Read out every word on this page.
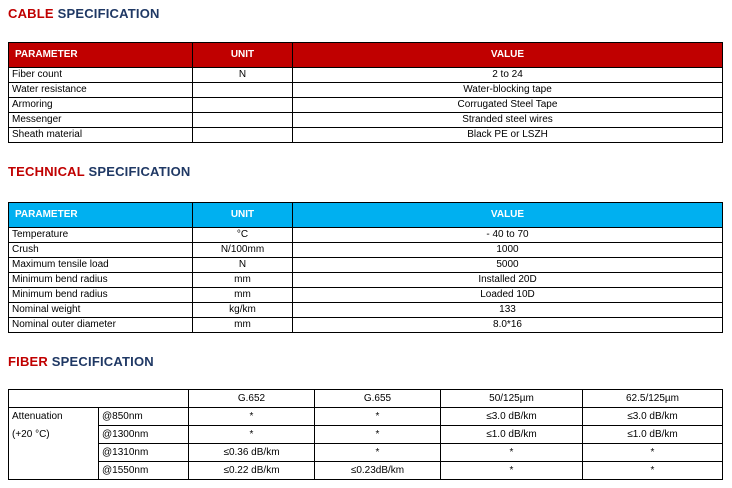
CABLE SPECIFICATION
PARAMETER	UNIT	VALUE
Fiber count	N	2 to 24
Water resistance		Water-blocking tape
Armoring		Corrugated Steel Tape
Messenger		Stranded steel wires
Sheath material		Black PE or LSZH
TECHNICAL SPECIFICATION
PARAMETER	UNIT	VALUE
Temperature	°C	- 40 to 70
Crush	N/100mm	1000
Maximum tensile load	N	5000
Minimum bend radius	mm	Installed 20D
Minimum bend radius	mm	Loaded 10D
Nominal weight	kg/km	133
Nominal outer diameter	mm	8.0*16
FIBER SPECIFICATION
		G.652	G.655	50/125µm	62.5/125µm
Attenuation	@850nm	*	*	≤3.0 dB/km	≤3.0 dB/km
(+20 °C)	@1300nm	*	*	≤1.0 dB/km	≤1.0 dB/km
	@1310nm	≤0.36 dB/km	*	*	*
	@1550nm	≤0.22 dB/km	≤0.23dB/km	*	*
